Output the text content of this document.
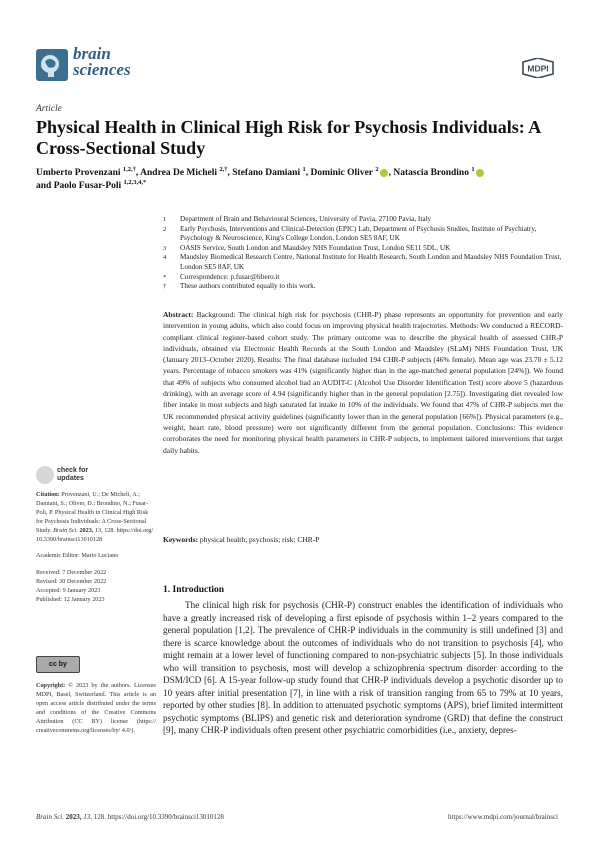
brain
sciences	MDPI
Article
Physical Health in Clinical High Risk for Psychosis Individuals: A Cross-Sectional Study
Umberto Provenzani $^{1,2,\dagger}$, Andrea De Micheli $^{2,\dagger}$, Stefano Damiani $^1$, Dominic Oliver $^2$ , Natascia Brondino $^1$
and Paolo Fusar-Poli $^{1,2,3,4,*}$
1	Department of Brain and Behavioural Sciences, University of Pavia, 27100 Pavia, Italy
2	Early Psychosis, Interventions and Clinical-Detection (EPIC) Lab, Department of Psychosis Studies, Institute of Psychiatry, Psychology & Neuroscience, King's College London, London SE5 8AF, UK
3	OASIS Service, South London and Maudsley NHS Foundation Trust, London SE11 5DL, UK
4	Maudsley Biomedical Research Centre, National Institute for Health Research, South London and Maudsley NHS Foundation Trust, London SE5 8AF, UK
*	Correspondence: p.fusar@libero.it
†	These authors contributed equally to this work.
Abstract: Background: The clinical high risk for psychosis (CHR-P) phase represents an opportunity for prevention and early intervention in young adults, which also could focus on improving physical health trajectories. Methods: We conducted a RECORD-compliant clinical register-based cohort study. The primary outcome was to describe the physical health of assessed CHR-P individuals, obtained via Electronic Health Records at the South London and Maudsley (SLaM) NHS Foundation Trust, UK (January 2013–October 2020). Results: The final database included 194 CHR-P subjects (46% female). Mean age was 23.70 ± 5.12 years. Percentage of tobacco smokers was 41% (significantly higher than in the age-matched general population [24%]). We found that 49% of subjects who consumed alcohol had an AUDIT-C (Alcohol Use Disorder Identification Test) score above 5 (hazardous drinking), with an average score of 4.94 (significantly higher than in the general population [2.75]). Investigating diet revealed low fiber intake in most subjects and high saturated fat intake in 10% of the individuals. We found that 47% of CHR-P subjects met the UK recommended physical activity guidelines (significantly lower than in the general population [66%]). Physical parameters (e.g., weight, heart rate, blood pressure) were not significantly different from the general population. Conclusions: This evidence corroborates the need for monitoring physical health parameters in CHR-P subjects, to implement tailored interventions that target daily habits.
Keywords: physical health; psychosis; risk; CHR-P
check for updates
Citation: Provenzani, U.; De Micheli, A.; Damiani, S.; Oliver, D.; Brondino, N.; Fusar-Poli, P. Physical Health in Clinical High Risk for Psychosis Individuals: A Cross-Sectional Study. Brain Sci. 2023, 13, 128. https://doi.org/10.3390/brainsci13010128
Academic Editor: Mario Luciano
Received: 7 December 2022
Revised: 30 December 2022
Accepted: 9 January 2023
Published: 12 January 2023
cc by
Copyright: © 2023 by the authors. Licensee MDPI, Basel, Switzerland. This article is an open access article distributed under the terms and conditions of the Creative Commons Attribution (CC BY) license (https:// creativecommons.org/licenses/by/ 4.0/).
1. Introduction
The clinical high risk for psychosis (CHR-P) construct enables the identification of individuals who have a greatly increased risk of developing a first episode of psychosis within 1–2 years compared to the general population [1,2]. The prevalence of CHR-P individuals in the community is still undefined [3] and there is scarce knowledge about the outcomes of individuals who do not transition to psychosis [4], who might remain at a lower level of functioning compared to non-psychiatric subjects [5]. In those individuals who will transition to psychosis, most will develop a schizophrenia spectrum disorder according to the DSM/ICD [6]. A 15-year follow-up study found that CHR-P individuals develop a psychotic disorder up to 10 years after initial presentation [7], in line with a risk of transition ranging from 65 to 79% at 10 years, reported by other studies [8]. In addition to attenuated psychotic symptoms (APS), brief limited intermittent psychotic symptoms (BLIPS) and genetic risk and deterioration syndrome (GRD) that define the construct [9], many CHR-P individuals often present other psychiatric comorbidities (i.e., anxiety, depres-
Brain Sci. 2023, 13, 128. https://doi.org/10.3390/brainsci13010128	https://www.mdpi.com/journal/brainsci
